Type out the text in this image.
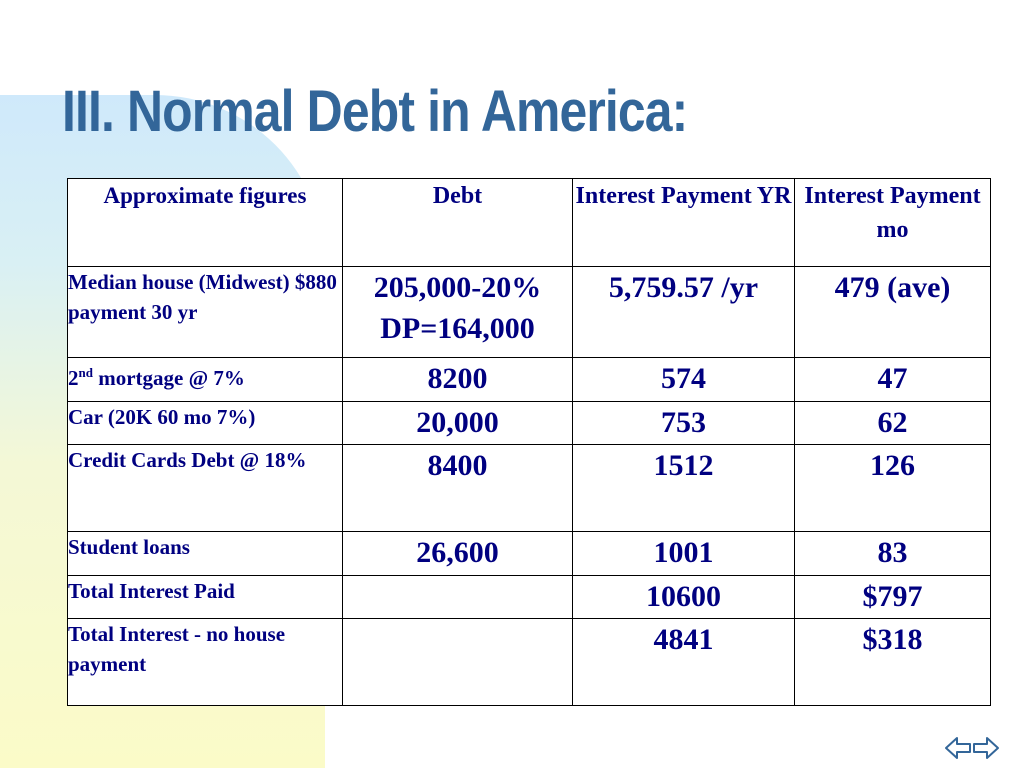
III. Normal Debt in America:
Approximate figures	Debt	Interest Payment YR	Interest Payment mo
Median house (Midwest) $880 payment 30 yr	205,000-20% DP=164,000	5,759.57 /yr	479 (ave)
2nd mortgage @ 7%	8200	574	47
Car (20K 60 mo 7%)	20,000	753	62
Credit Cards Debt @ 18%	8400	1512	126
Student loans	26,600	1001	83
Total Interest Paid		10600	$797
Total Interest - no house payment		4841	$318
